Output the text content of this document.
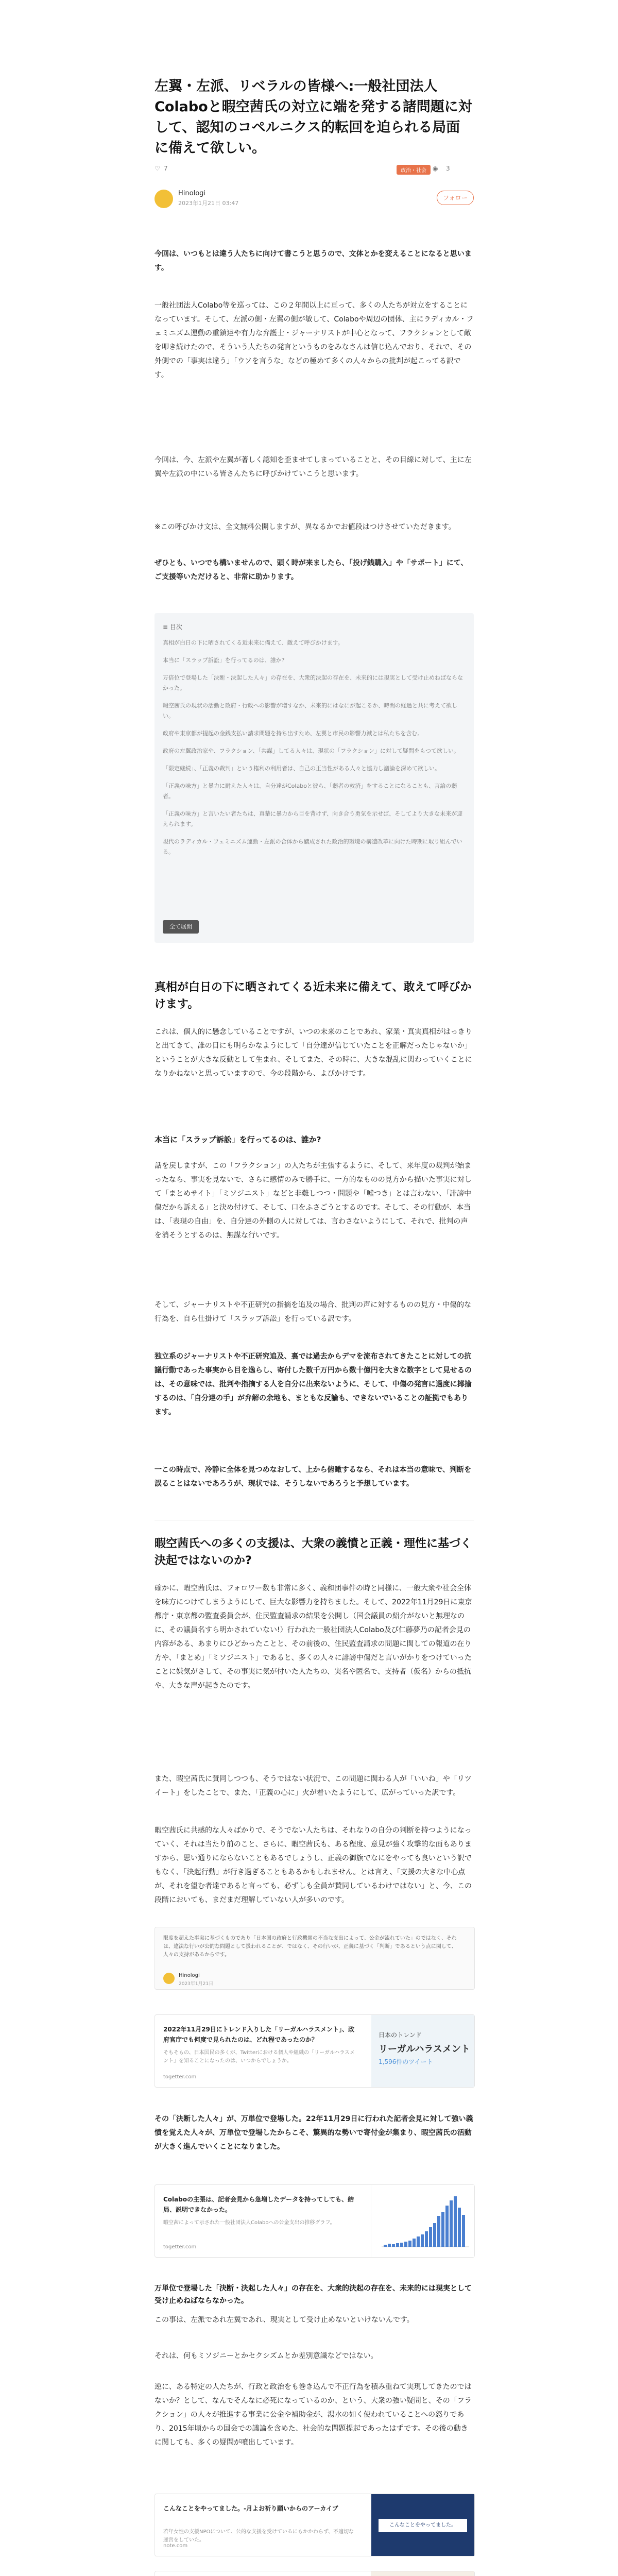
左翼・左派、リベラルの皆様へ:一般社団法人Colaboと暇空茜氏の対立に端を発する諸問題に対して、認知のコペルニクス的転回を迫られる局面に備えて欲しい。
♡ 7	政治・社会	◉ 3
Hinologi
2023年1月21日 03:47
フォロー

今回は、いつもとは違う人たちに向けて書こうと思うので、文体とかを変えることになると思います。

一般社団法人Colabo等を巡っては、この２年間以上に亘って、多くの人たちが対立をすることになっています。そして、左派の側・左翼の側が敏して、Colaboや周辺の団体、主にラディカル・フェミニズム運動の重鎮達や有力な弁護士・ジャーナリストが中心となって、フラクションとして敵を叩き続けたので、そういう人たちの発言というものをみなさんは信じ込んでおり、それで、その外側での「事実は違う」「ウソを言うな」などの極めて多くの人々からの批判が起こってる訳です。

今回は、今、左派や左翼が著しく認知を歪ませてしまっていることと、その目線に対して、主に左翼や左派の中にいる皆さんたちに呼びかけていこうと思います。

※この呼びかけ文は、全文無料公開しますが、異なるかでお値段はつけさせていただきます。

ぜひとも、いつでも構いませんので、頭く時が来ましたら、「投げ銭購入」や「サポート」にて、ご支援等いただけると、非常に助かります。

≡ 目次
真相が白日の下に晒されてくる近未来に備えて、敵えて呼びかけます。
本当に「スラップ訴訟」を行ってるのは、誰か?
万倍位で登場した「決断・決起した人々」の存在を、大衆的決起の存在を、未来的には現実として受け止めねばならなかった。
暇空茜氏の現状の活動と政府・行政への影響が増すなか、未来的にはなにが起こるか、時間の経過と共に考えて欲しい。
政府や東京都が提起の金銭支払い請求問題を持ち出すため、左翼と市民の影響力減とは私たちを含む。
政府の左翼政治家や、フラクション、「共謀」してる人々は、現状の「フラクション」に対して疑問をもつて欲しい。
「限定継続」、「正義の裁判」という権利の利用者は、自己の正当性がある人々と協力し議論を深めて欲しい。
「正義の味方」と暴力に耐えた人々は、自分達がColaboと彼ら、「弱者の救済」をすることになることも、言論の弱者。
「正義の味方」と言いたい者たちは、真摯に暴力から目を背けず、向き合う勇気を示せば、そしてより大きな未来が迎えられます。
現代のラディカル・フェミニズム運動・左派の合体から醸成された政治的環境の構造改革に向けた時期に取り組んでいる。
全て展開
真相が白日の下に晒されてくる近未来に備えて、敢えて呼びかけます。

これは、個人的に懸念していることですが、いつの未来のことであれ、家業・真実真相がはっきりと出てきて、誰の目にも明らかなようにして「自分達が信じていたことを正解だったじゃないか」ということが大きな反動として生まれ、そしてまた、その時に、大きな混乱に関わっていくことになりかねないと思っていますので、今の段階から、よびかけです。

本当に「スラップ訴訟」を行ってるのは、誰か?

話を戻しますが、この「フラクション」の人たちが主張するように、そして、来年度の裁判が始まったなら、事実を見ないで、さらに感情のみで勝手に、一方的なものの見方から描いた事実に対して「まとめサイト」「ミソジニスト」などと非難しつつ・問題や「嘘つき」とは言わない、「誹謗中傷だから訴える」と決め付けて、そして、口をふさごうとするのです。そして、その行動が、本当は、「表現の自由」を、自分達の外側の人に対しては、言わさないようにして、それで、批判の声を消そうとするのは、無謀な行いです。

そして、ジャーナリストや不正研究の指摘を追及の場合、批判の声に対するものの見方・中傷的な行為を、自ら仕掛けて「スラップ訴訟」を行っている訳です。

独立系のジャーナリストや不正研究追及、裏では過去からデマを流布されてきたことに対しての抗議行動であった事実から目を逸らし、寄付した数千万円から数十億円を大きな数字として見せるのは、その意味では、批判や指摘する人を自分に出来ないように、そして、中傷の発言に過度に揶揄するのは、「自分達の手」が弁解の余地も、まともな反論も、できないでいることの証拠でもあります。

一この時点で、冷静に全体を見つめなおして、上から俯瞰するなら、それは本当の意味で、判断を誤ることはないであろうが、現状では、そうしないであろうと予想しています。

暇空茜氏への多くの支援は、大衆の義憤と正義・理性に基づく決起ではないのか?

確かに、暇空茜氏は、フォロワー数も非常に多く、義和団事件の時と同様に、一般大衆や社会全体を味方につけてしまうようにして、巨大な影響力を持ちました。そして、2022年11月29日に東京都庁・東京都の監査委員会が、住民監査請求の結果を公開し（国会議員の紹介がないと無理なのに、その議員名すら明かされていない!）行われた一般社団法人Colabo及び仁藤夢乃の記者会見の内容がある、あまりにひどかったことと、その前後の、住民監査請求の問題に関しての報道の在り方や、「まとめ」「ミソジニスト」であると、多くの人々に誹謗中傷だと言いがかりをつけていったことに嫌気がさして、その事実に気が付いた人たちの、実名や匿名で、支持者（仮名）からの抵抗や、大きな声が起きたのです。

また、暇空茜氏に賛同しつつも、そうではない状況で、この問題に関わる人が「いいね」や「リツイート」をしたことで、また、「正義の心に」火が着いたようにして、広がっていった訳です。

暇空茜氏に共感的な人々ばかりで、そうでない人たちは、それなりの自分の判断を持つようになっていく、それは当たり前のこと、さらに、暇空茜氏も、ある程度、意見が強く攻撃的な面もありますから、思い通りにならないこともあるでしょうし、正義の御旗でなにをやっても良いという訳でもなく、「決起行動」が行き過ぎることもあるかもしれません。とは言え、「支援の大きな中心点が、それを望む者達であると言っても、必ずしも全員が賛同しているわけではない」と、今、この段階においても、まだまだ理解していない人が多いのです。

限度を超えた事実に基づくものであり「日本国の政府と行政機関の不当な支出によって、公金が流れていた」のではなく、それは、違法な行いが公的な問題として扱われることが、ではなく、その行いが、正義に基づく「判断」であるという点に関して、人々の支持があるからです。
Hinologi
2023年1月21日
2022年11月29日にトレンド入りした「リーガルハラスメント」、政府官庁でも何度で見られたのは、どれ程であったのか？
そもそもの、日本国民の多くが、Twitterにおける個人や組織の「リーガルハラスメント」を知ることになったのは、いつからでしょうか。
togetter.com
日本のトレンド
リーガルハラスメント
1,596件のツイート

その「決断した人々」が、万単位で登場した。22年11月29日に行われた記者会見に対して強い義憤を覚えた人々が、万単位で登場したからこそ、驚異的な勢いで寄付金が集まり、暇空茜氏の活動が大きく進んでいくことになりました。

Colaboの主張は、記者会見から急増したデータを持ってしても、結局、説明できなかった。
暇空茜によって示された一般社団法人Colaboへの公金支出の推移グラフ。
togetter.com
万単位で登場した「決断・決起した人々」の存在を、大衆的決起の存在を、未来的には現実として受け止めねばならなかった。

この事は、左派であれ左翼であれ、現実として受け止めないといけないんです。

それは、何もミソジニーとかセクシズムとか差別意識などではない。

逆に、ある特定の人たちが、行政と政治をも巻き込んで不正行為を積み重ねて実現してきたのではないか？として、なんでそんなに必死になっているのか、という、大衆の強い疑問と、その「フラクション」の人々が推進する事業に公金や補助金が、湯水の如く使われていることへの怒りであり、2015年頃からの国会での議論を含めた、社会的な問題提起であったはずです。その後の動きに関しても、多くの疑問が噴出しています。

こんなことをやってました。-月よお祈り願いからのアーカイブ
若年女性の支援NPOについて、公的な支援を受けているにもかかわらず、不適切な運営をしていた。
note.com
こんなことをやってました。
